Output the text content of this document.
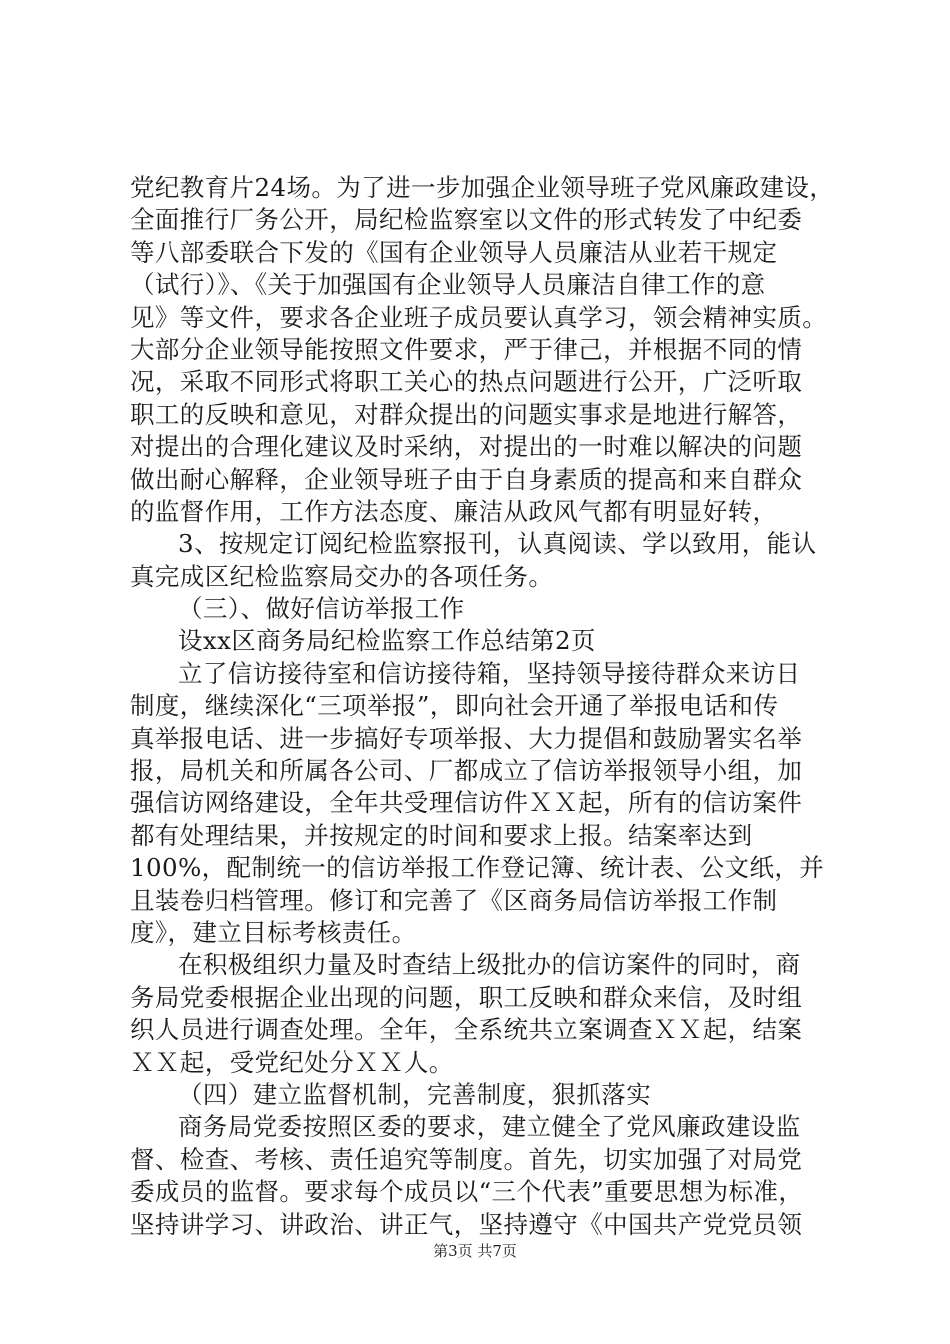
党纪教育片24场。为了进一步加强企业领导班子党风廉政建设，
全面推行厂务公开，局纪检监察室以文件的形式转发了中纪委
等八部委联合下发的《国有企业领导人员廉洁从业若干规定
（试行）》、《关于加强国有企业领导人员廉洁自律工作的意
见》等文件，要求各企业班子成员要认真学习，领会精神实质。
大部分企业领导能按照文件要求，严于律己，并根据不同的情
况，采取不同形式将职工关心的热点问题进行公开，广泛听取
职工的反映和意见，对群众提出的问题实事求是地进行解答，
对提出的合理化建议及时采纳，对提出的一时难以解决的问题
做出耐心解释，企业领导班子由于自身素质的提高和来自群众
的监督作用，工作方法态度、廉洁从政风气都有明显好转，
3、按规定订阅纪检监察报刊，认真阅读、学以致用，能认
真完成区纪检监察局交办的各项任务。
（三）、做好信访举报工作
设xx区商务局纪检监察工作总结第2页
立了信访接待室和信访接待箱，坚持领导接待群众来访日
制度，继续深化“三项举报”，即向社会开通了举报电话和传
真举报电话、进一步搞好专项举报、大力提倡和鼓励署实名举
报，局机关和所属各公司、厂都成立了信访举报领导小组，加
强信访网络建设，全年共受理信访件ＸＸ起，所有的信访案件
都有处理结果，并按规定的时间和要求上报。结案率达到
100%，配制统一的信访举报工作登记簿、统计表、公文纸，并
且装卷归档管理。修订和完善了《区商务局信访举报工作制
度》，建立目标考核责任。
在积极组织力量及时查结上级批办的信访案件的同时，商
务局党委根据企业出现的问题，职工反映和群众来信，及时组
织人员进行调查处理。全年，全系统共立案调查ＸＸ起，结案
ＸＸ起，受党纪处分ＸＸ人。
（四）建立监督机制，完善制度，狠抓落实
商务局党委按照区委的要求，建立健全了党风廉政建设监
督、检查、考核、责任追究等制度。首先，切实加强了对局党
委成员的监督。要求每个成员以“三个代表”重要思想为标准，
坚持讲学习、讲政治、讲正气，坚持遵守《中国共产党党员领
第3页 共7页
